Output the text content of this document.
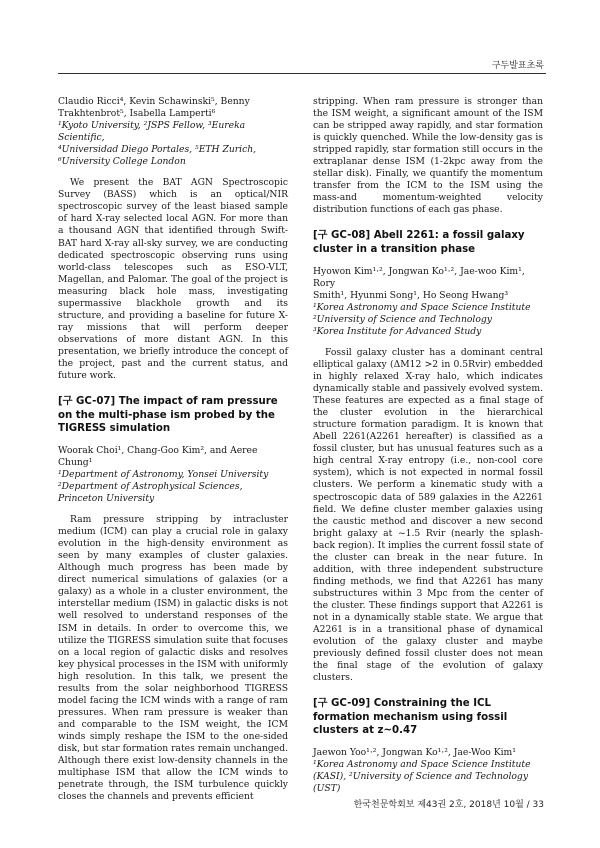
구두발표초록

Claudio Ricci⁴, Kevin Schawinski⁵, Benny

Trakhtenbrot⁵, Isabella Lamperti⁶

¹Kyoto University, ²JSPS Fellow, ³Eureka Scientific,

⁴Universidad Diego Portales, ⁵ETH Zurich,

⁶University College London

We present the BAT AGN Spectroscopic Survey (BASS) which is an optical/NIR spectroscopic survey of the least biased sample of hard X-ray selected local AGN. For more than a thousand AGN that identified through Swift-BAT hard X-ray all-sky survey, we are conducting dedicated spectroscopic observing runs using world-class telescopes such as ESO-VLT, Magellan, and Palomar. The goal of the project is measuring black hole mass, investigating supermassive blackhole growth and its structure, and providing a baseline for future X-ray missions that will perform deeper observations of more distant AGN. In this presentation, we briefly introduce the concept of the project, past and the current status, and future work.

[구 GC-07] The impact of ram pressure on the multi-phase ism probed by the TIGRESS simulation

Woorak Choi¹, Chang-Goo Kim², and Aeree Chung¹

¹Department of Astronomy, Yonsei University

²Department of Astrophysical Sciences, Princeton University

Ram pressure stripping by intracluster medium (ICM) can play a crucial role in galaxy evolution in the high-density environment as seen by many examples of cluster galaxies. Although much progress has been made by direct numerical simulations of galaxies (or a galaxy) as a whole in a cluster environment, the interstellar medium (ISM) in galactic disks is not well resolved to understand responses of the ISM in details. In order to overcome this, we utilize the TIGRESS simulation suite that focuses on a local region of galactic disks and resolves key physical processes in the ISM with uniformly high resolution. In this talk, we present the results from the solar neighborhood TIGRESS model facing the ICM winds with a range of ram pressures. When ram pressure is weaker than and comparable to the ISM weight, the ICM winds simply reshape the ISM to the one-sided disk, but star formation rates remain unchanged. Although there exist low-density channels in the multiphase ISM that allow the ICM winds to penetrate through, the ISM turbulence quickly closes the channels and prevents efficient

stripping. When ram pressure is stronger than the ISM weight, a significant amount of the ISM can be stripped away rapidly, and star formation is quickly quenched. While the low-density gas is stripped rapidly, star formation still occurs in the extraplanar dense ISM (1-2kpc away from the stellar disk). Finally, we quantify the momentum transfer from the ICM to the ISM using the mass-and momentum-weighted velocity distribution functions of each gas phase.

[구 GC-08] Abell 2261: a fossil galaxy cluster in a transition phase

Hyowon Kim¹·², Jongwan Ko¹·², Jae-woo Kim¹, Rory

Smith¹, Hyunmi Song¹, Ho Seong Hwang³

¹Korea Astronomy and Space Science Institute

²University of Science and Technology

³Korea Institute for Advanced Study

Fossil galaxy cluster has a dominant central elliptical galaxy (ΔM12 >2 in 0.5Rvir) embedded in highly relaxed X-ray halo, which indicates dynamically stable and passively evolved system. These features are expected as a final stage of the cluster evolution in the hierarchical structure formation paradigm. It is known that Abell 2261(A2261 hereafter) is classified as a fossil cluster, but has unusual features such as a high central X-ray entropy (i.e., non-cool core system), which is not expected in normal fossil clusters. We perform a kinematic study with a spectroscopic data of 589 galaxies in the A2261 field. We define cluster member galaxies using the caustic method and discover a new second bright galaxy at ~1.5 Rvir (nearly the splash-back region). It implies the current fossil state of the cluster can break in the near future. In addition, with three independent substructure finding methods, we find that A2261 has many substructures within 3 Mpc from the center of the cluster. These findings support that A2261 is not in a dynamically stable state. We argue that A2261 is in a transitional phase of dynamical evolution of the galaxy cluster and maybe previously defined fossil cluster does not mean the final stage of the evolution of galaxy clusters.

[구 GC-09] Constraining the ICL formation mechanism using fossil clusters at z~0.47

Jaewon Yoo¹·², Jongwan Ko¹·², Jae-Woo Kim¹

¹Korea Astronomy and Space Science Institute

(KASI), ²University of Science and Technology

(UST)

한국천문학회보 제43권 2호, 2018년 10월 / 33
